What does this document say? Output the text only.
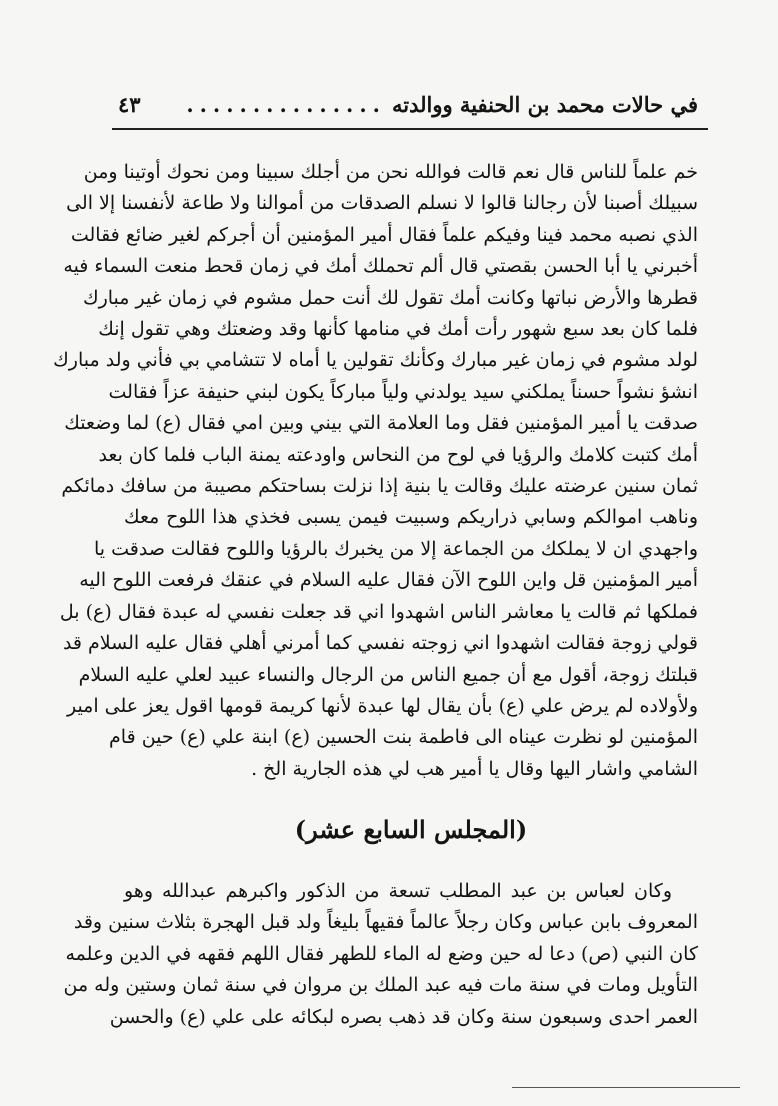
في حالات محمد بن الحنفية ووالدته
...............
٤٣
خم علماً للناس قال نعم قالت فوالله نحن من أجلك سبينا ومن نحوك أوتينا ومن
سبيلك أصبنا لأن رجالنا قالوا لا نسلم الصدقات من أموالنا ولا طاعة لأنفسنا إلا الى
الذي نصبه محمد فينا وفيكم علماً فقال أمير المؤمنين أن أجركم لغير ضائع فقالت
أخبرني يا أبا الحسن بقصتي قال ألم تحملك أمك في زمان قحط منعت السماء فيه
قطرها والأرض نباتها وكانت أمك تقول لك أنت حمل مشوم في زمان غير مبارك
فلما كان بعد سبع شهور رأت أمك في منامها كأنها وقد وضعتك وهي تقول إنك
لولد مشوم في زمان غير مبارك وكأنك تقولين يا أماه لا تتشامي بي فأني ولد مبارك
انشؤ نشواً حسناً يملكني سيد يولدني ولياً مباركاً يكون لبني حنيفة عزاً فقالت
صدقت يا أمير المؤمنين فقل وما العلامة التي بيني وبين امي فقال (ع) لما وضعتك
أمك كتبت كلامك والرؤيا في لوح من النحاس واودعته يمنة الباب فلما كان بعد
ثمان سنين عرضته عليك وقالت يا بنية إذا نزلت بساحتكم مصيبة من سافك دمائكم
وناهب اموالكم وسابي ذراريكم وسبيت فيمن يسبى فخذي هذا اللوح معك
واجهدي ان لا يملكك من الجماعة إلا من يخبرك بالرؤيا واللوح فقالت صدقت يا
أمير المؤمنين قل واين اللوح الآن فقال عليه السلام في عنقك فرفعت اللوح اليه
فملكها ثم قالت يا معاشر الناس اشهدوا اني قد جعلت نفسي له عبدة فقال (ع) بل
قولي زوجة فقالت اشهدوا اني زوجته نفسي كما أمرني أهلي فقال عليه السلام قد
قبلتك زوجة، أقول مع أن جميع الناس من الرجال والنساء عبيد لعلي عليه السلام
ولأولاده لم يرض علي (ع) بأن يقال لها عبدة لأنها كريمة قومها اقول يعز على امير
المؤمنين لو نظرت عيناه الى فاطمة بنت الحسين (ع) ابنة علي (ع) حين قام
الشامي واشار اليها وقال يا أمير هب لي هذه الجارية الخ .
(المجلس السابع عشر)
وكان لعباس بن عبد المطلب تسعة من الذكور واكبرهم عبدالله وهو
المعروف بابن عباس وكان رجلاً عالماً فقيهاً بليغاً ولد قبل الهجرة بثلاث سنين وقد
كان النبي (ص) دعا له حين وضع له الماء للطهر فقال اللهم فقهه في الدين وعلمه
التأويل ومات في سنة مات فيه عبد الملك بن مروان في سنة ثمان وستين وله من
العمر احدى وسبعون سنة وكان قد ذهب بصره لبكائه على علي (ع) والحسن
